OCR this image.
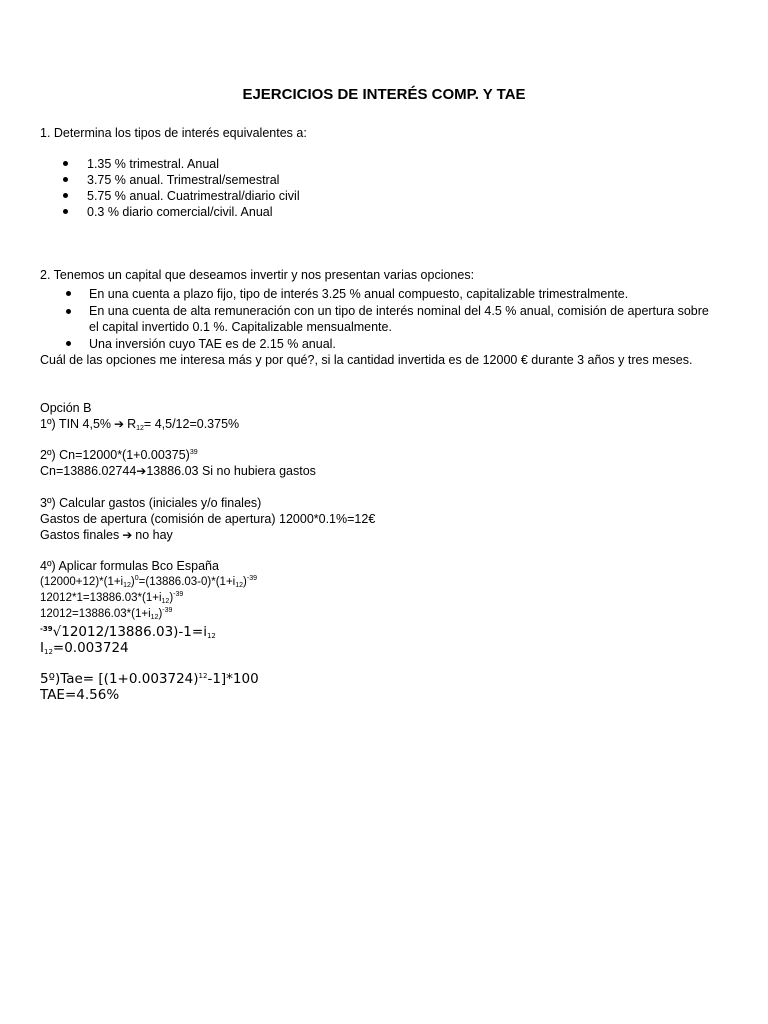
EJERCICIOS DE INTERÉS COMP. Y TAE
1. Determina los tipos de interés equivalentes a:
1.35 % trimestral. Anual
3.75 % anual. Trimestral/semestral
5.75 % anual. Cuatrimestral/diario civil
0.3 % diario comercial/civil. Anual
2. Tenemos un capital que deseamos invertir y nos presentan varias opciones:
En una cuenta a plazo fijo, tipo de interés 3.25 % anual compuesto, capitalizable trimestralmente.
En una cuenta de alta remuneración con un tipo de interés nominal del 4.5 % anual, comisión de apertura sobre
el capital invertido 0.1 %. Capitalizable mensualmente.
Una inversión cuyo TAE es de 2.15 % anual.
Cuál de las opciones me interesa más y por qué?, si la cantidad invertida es de 12000 € durante 3 años y tres meses.
Opción B
1º) TIN 4,5% ➔ $R_{12}= 4,5/12=0.375\%$
2º) $Cn=12000*(1+0.00375)^{39}$
Cn=13886.02744➔13886.03 Si no hubiera gastos
3º) Calcular gastos (iniciales y/o finales)
Gastos de apertura (comisión de apertura) 12000*0.1%=12€
Gastos finales ➔ no hay
4º) Aplicar formulas Bco España
$(12000+12)*(1+i_{12})^0=(13886.03-0)*(1+i_{12})^{-39}$
$12012*1=13886.03*(1+i_{12})^{-39}$
$12012=13886.03*(1+i_{12})^{-39}$
$^{-39}√12012/13886.03)-1=i_{12}$
$I_{12}=0.003724$
5º)Tae= $[(1+0.003724)^{12}-1]*100$
TAE=4.56%
